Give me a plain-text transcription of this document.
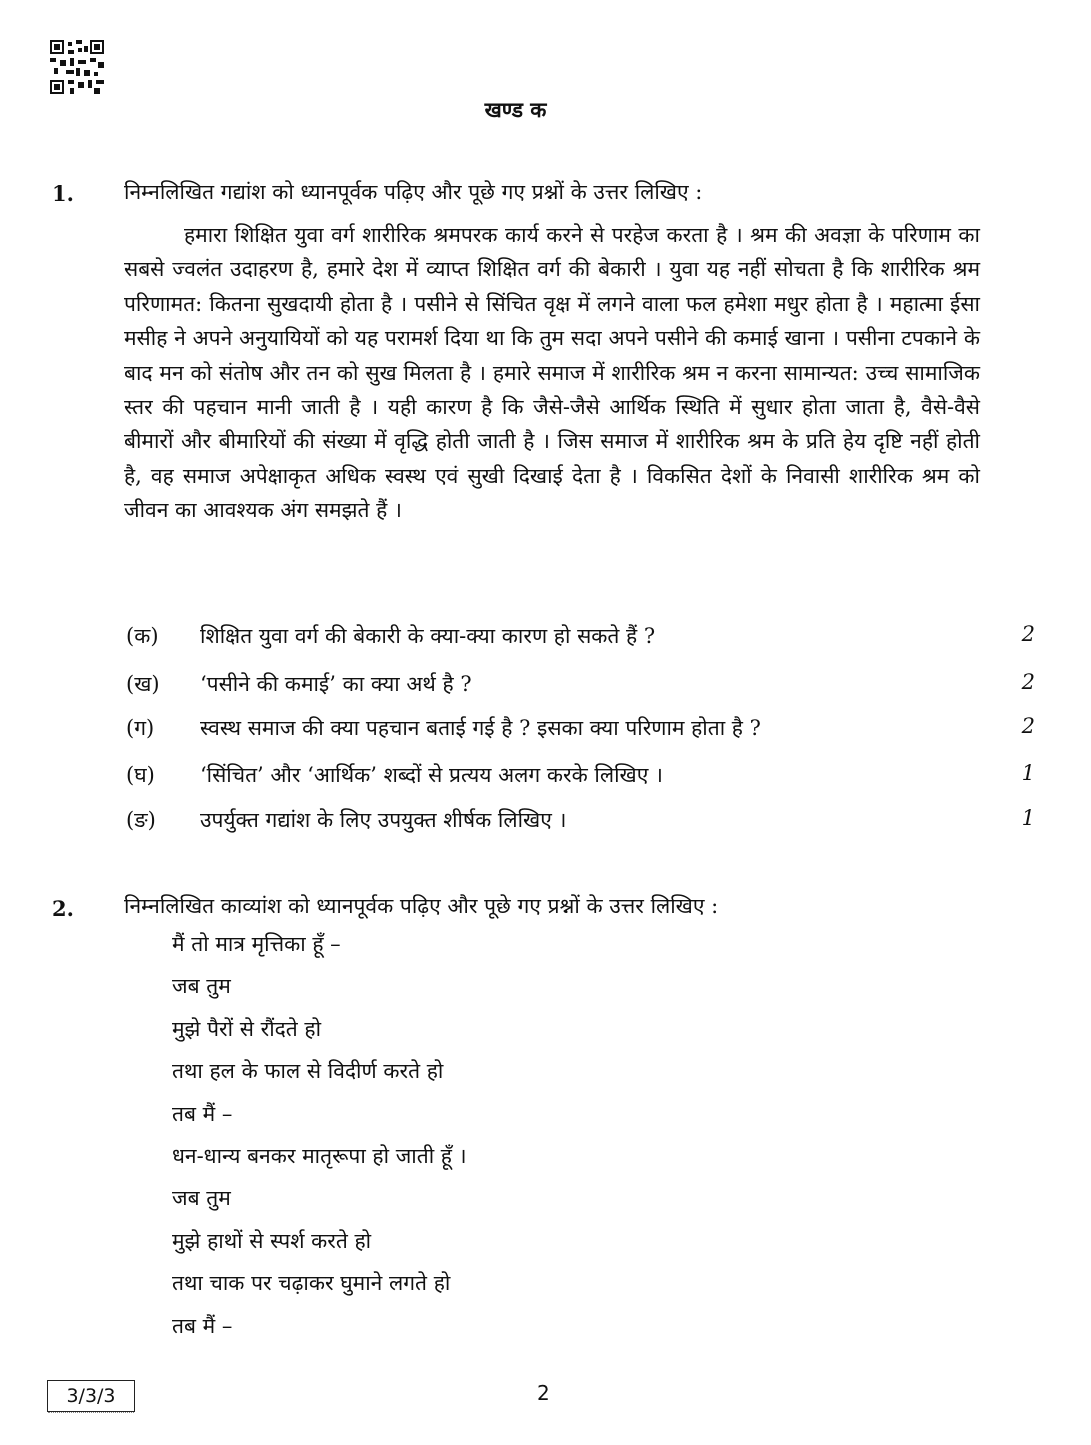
खण्ड क
1. निम्नलिखित गद्यांश को ध्यानपूर्वक पढ़िए और पूछे गए प्रश्नों के उत्तर लिखिए :
हमारा शिक्षित युवा वर्ग शारीरिक श्रमपरक कार्य करने से परहेज करता है । श्रम की अवज्ञा के परिणाम का सबसे ज्वलंत उदाहरण है, हमारे देश में व्याप्त शिक्षित वर्ग की बेकारी । युवा यह नहीं सोचता है कि शारीरिक श्रम परिणामत: कितना सुखदायी होता है । पसीने से सिंचित वृक्ष में लगने वाला फल हमेशा मधुर होता है । महात्मा ईसा मसीह ने अपने अनुयायियों को यह परामर्श दिया था कि तुम सदा अपने पसीने की कमाई खाना । पसीना टपकाने के बाद मन को संतोष और तन को सुख मिलता है । हमारे समाज में शारीरिक श्रम न करना सामान्यत: उच्च सामाजिक स्तर की पहचान मानी जाती है । यही कारण है कि जैसे-जैसे आर्थिक स्थिति में सुधार होता जाता है, वैसे-वैसे बीमारों और बीमारियों की संख्या में वृद्धि होती जाती है । जिस समाज में शारीरिक श्रम के प्रति हेय दृष्टि नहीं होती है, वह समाज अपेक्षाकृत अधिक स्वस्थ एवं सुखी दिखाई देता है । विकसित देशों के निवासी शारीरिक श्रम को जीवन का आवश्यक अंग समझते हैं ।
(क) शिक्षित युवा वर्ग की बेकारी के क्या-क्या कारण हो सकते हैं ?	2
(ख) ‘पसीने की कमाई’ का क्या अर्थ है ?	2
(ग) स्वस्थ समाज की क्या पहचान बताई गई है ? इसका क्या परिणाम होता है ?	2
(घ) ‘सिंचित’ और ‘आर्थिक’ शब्दों से प्रत्यय अलग करके लिखिए ।	1
(ङ) उपर्युक्त गद्यांश के लिए उपयुक्त शीर्षक लिखिए ।	1
2. निम्नलिखित काव्यांश को ध्यानपूर्वक पढ़िए और पूछे गए प्रश्नों के उत्तर लिखिए :
मैं तो मात्र मृत्तिका हूँ –
जब तुम
मुझे पैरों से रौंदते हो
तथा हल के फाल से विदीर्ण करते हो
तब मैं –
धन-धान्य बनकर मातृरूपा हो जाती हूँ ।
जब तुम
मुझे हाथों से स्पर्श करते हो
तथा चाक पर चढ़ाकर घुमाने लगते हो
तब मैं –
3/3/3	2
